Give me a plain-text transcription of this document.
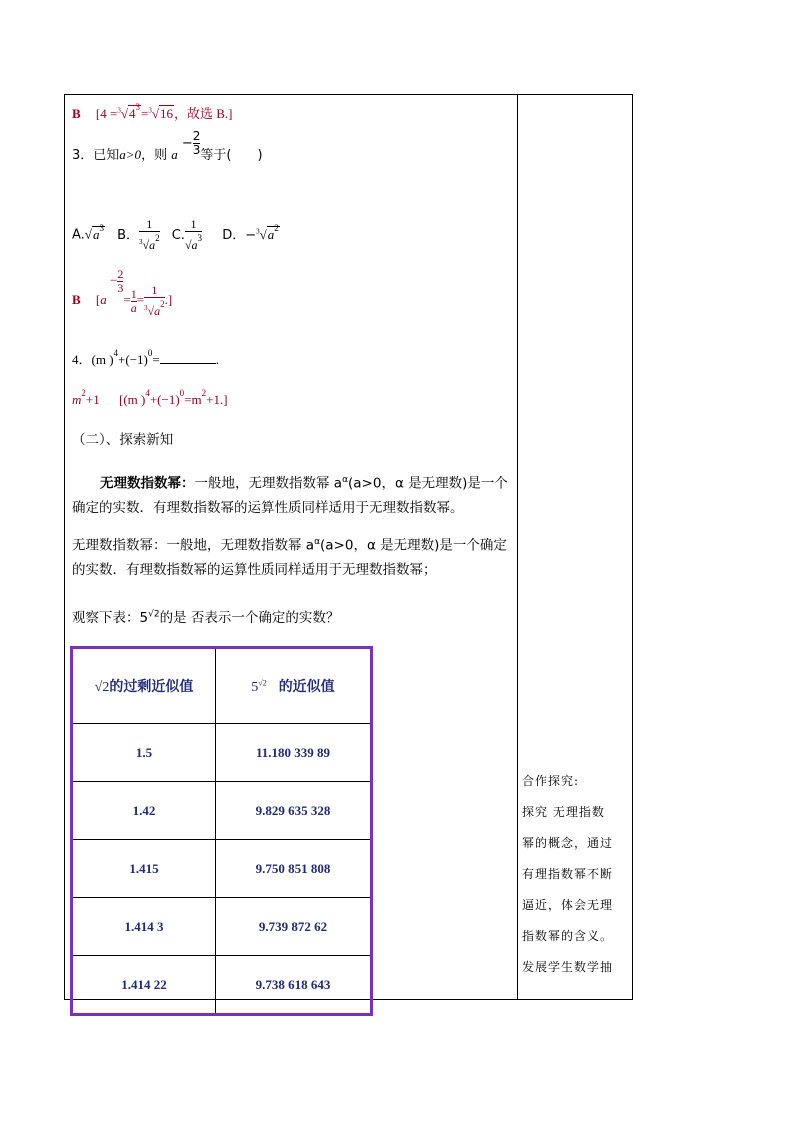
B [$4 =^3√4^3=^3√16$，故选 B.]
3．已知a>0，则 $a - \frac{2}{3}$ 等于(　　)
$A.√a^3$ B． $\frac{1}{^3√a^2} C$. $\frac{1}{√a^3}$ D．$-^3√a^2$
B [$a - \frac{2}{3}$
= $\frac{1}{a} = \frac{1}{^3√a^2}$ .]
4．(m )$^4+(-1)^0=$	.
$m^2+1$ [(m )$^4+(-1)^0=m^2+1$.]
（二）、探索新知
无理数指数幂：一般地，无理数指数幂 $a^\alpha(a>0$，α 是无理数)是一个确定的实数．有理数指数幂的运算性质同样适用于无理数指数幂。
无理数指数幂：一般地，无理数指数幂 $a^\alpha(a>0$，α 是无理数)是一个确定的实数．有理数指数幂的运算性质同样适用于无理数指数幂；
观察下表：$5^{√2}$的是 否表示一个确定的实数？
√2的过剩近似值	$5^{√2}$ 的近似值
1.5	11.180 339 89
1.42	9.829 635 328
1.415	9.750 851 808
1.414 3	9.739 872 62
1.414 22	9.738 618 643
合作探究:
探究 无理指数
幂的概念，通过
有理指数幂不断
逼近，体会无理
指数幂的含义。
发展学生数学抽
